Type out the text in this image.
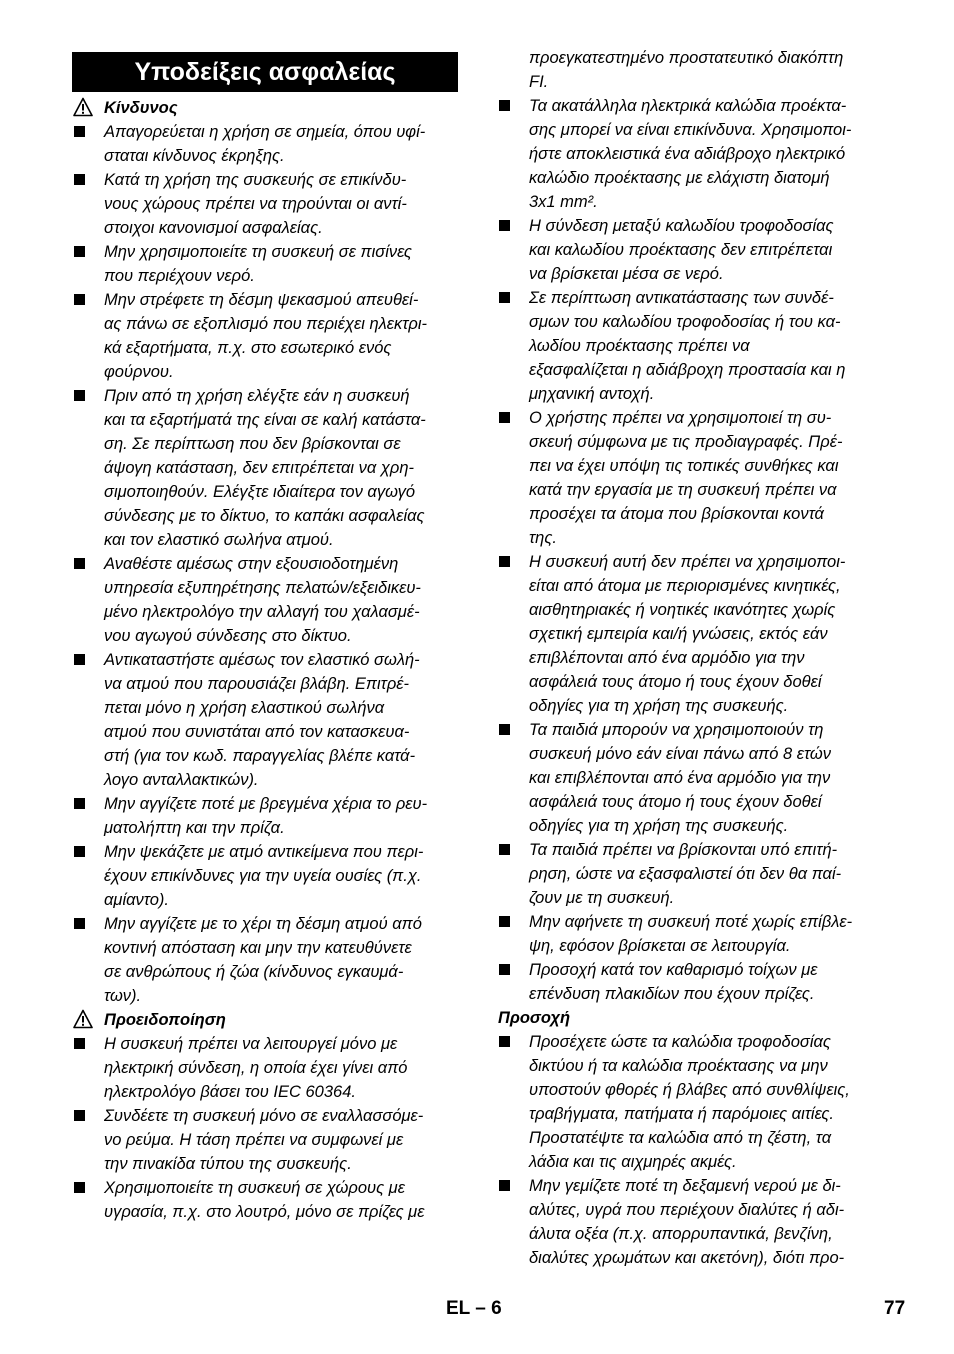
Υποδείξεις ασφαλείας
Κίνδυνος
Απαγορεύεται η χρήση σε σημεία, όπου υφί-
σταται κίνδυνος έκρηξης.
Κατά τη χρήση της συσκευής σε επικίνδυ-
νους χώρους πρέπει να τηρούνται οι αντί-
στοιχοι κανονισμοί ασφαλείας.
Μην χρησιμοποιείτε τη συσκευή σε πισίνες
που περιέχουν νερό.
Μην στρέφετε τη δέσμη ψεκασμού απευθεί-
ας πάνω σε εξοπλισμό που περιέχει ηλεκτρι-
κά εξαρτήματα, π.χ. στο εσωτερικό ενός
φούρνου.
Πριν από τη χρήση ελέγξτε εάν η συσκευή
και τα εξαρτήματά της είναι σε καλή κατάστα-
ση. Σε περίπτωση που δεν βρίσκονται σε
άψογη κατάσταση, δεν επιτρέπεται να χρη-
σιμοποιηθούν. Ελέγξτε ιδιαίτερα τον αγωγό
σύνδεσης με το δίκτυο, το καπάκι ασφαλείας
και τον ελαστικό σωλήνα ατμού.
Αναθέστε αμέσως στην εξουσιοδοτημένη
υπηρεσία εξυπηρέτησης πελατών/εξειδικευ-
μένο ηλεκτρολόγο την αλλαγή του χαλασμέ-
νου αγωγού σύνδεσης στο δίκτυο.
Αντικαταστήστε αμέσως τον ελαστικό σωλή-
να ατμού που παρουσιάζει βλάβη. Επιτρέ-
πεται μόνο η χρήση ελαστικού σωλήνα
ατμού που συνιστάται από τον κατασκευα-
στή (για τον κωδ. παραγγελίας βλέπε κατά-
λογο ανταλλακτικών).
Μην αγγίζετε ποτέ με βρεγμένα χέρια το ρευ-
ματολήπτη και την πρίζα.
Μην ψεκάζετε με ατμό αντικείμενα που περι-
έχουν επικίνδυνες για την υγεία ουσίες (π.χ.
αμίαντο).
Μην αγγίζετε με το χέρι τη δέσμη ατμού από
κοντινή απόσταση και μην την κατευθύνετε
σε ανθρώπους ή ζώα (κίνδυνος εγκαυμά-
των).
Προειδοποίηση
Η συσκευή πρέπει να λειτουργεί μόνο με
ηλεκτρική σύνδεση, η οποία έχει γίνει από
ηλεκτρολόγο βάσει του IEC 60364.
Συνδέετε τη συσκευή μόνο σε εναλλασσόμε-
νο ρεύμα. Η τάση πρέπει να συμφωνεί με
την πινακίδα τύπου της συσκευής.
Χρησιμοποιείτε τη συσκευή σε χώρους με
υγρασία, π.χ. στο λουτρό, μόνο σε πρίζες με
προεγκατεστημένο προστατευτικό διακόπτη
FI.
Τα ακατάλληλα ηλεκτρικά καλώδια προέκτα-
σης μπορεί να είναι επικίνδυνα. Χρησιμοποι-
ήστε αποκλειστικά ένα αδιάβροχο ηλεκτρικό
καλώδιο προέκτασης με ελάχιστη διατομή
3x1 mm².
Η σύνδεση μεταξύ καλωδίου τροφοδοσίας
και καλωδίου προέκτασης δεν επιτρέπεται
να βρίσκεται μέσα σε νερό.
Σε περίπτωση αντικατάστασης των συνδέ-
σμων του καλωδίου τροφοδοσίας ή του κα-
λωδίου προέκτασης πρέπει να
εξασφαλίζεται η αδιάβροχη προστασία και η
μηχανική αντοχή.
Ο χρήστης πρέπει να χρησιμοποιεί τη συ-
σκευή σύμφωνα με τις προδιαγραφές. Πρέ-
πει να έχει υπόψη τις τοπικές συνθήκες και
κατά την εργασία με τη συσκευή πρέπει να
προσέχει τα άτομα που βρίσκονται κοντά
της.
Η συσκευή αυτή δεν πρέπει να χρησιμοποι-
είται από άτομα με περιορισμένες κινητικές,
αισθητηριακές ή νοητικές ικανότητες χωρίς
σχετική εμπειρία και/ή γνώσεις, εκτός εάν
επιβλέπονται από ένα αρμόδιο για την
ασφάλειά τους άτομο ή τους έχουν δοθεί
οδηγίες για τη χρήση της συσκευής.
Τα παιδιά μπορούν να χρησιμοποιούν τη
συσκευή μόνο εάν είναι πάνω από 8 ετών
και επιβλέπονται από ένα αρμόδιο για την
ασφάλειά τους άτομο ή τους έχουν δοθεί
οδηγίες για τη χρήση της συσκευής.
Τα παιδιά πρέπει να βρίσκονται υπό επιτή-
ρηση, ώστε να εξασφαλιστεί ότι δεν θα παί-
ζουν με τη συσκευή.
Μην αφήνετε τη συσκευή ποτέ χωρίς επίβλε-
ψη, εφόσον βρίσκεται σε λειτουργία.
Προσοχή κατά τον καθαρισμό τοίχων με
επένδυση πλακιδίων που έχουν πρίζες.
Προσοχή
Προσέχετε ώστε τα καλώδια τροφοδοσίας
δικτύου ή τα καλώδια προέκτασης να μην
υποστούν φθορές ή βλάβες από συνθλίψεις,
τραβήγματα, πατήματα ή παρόμοιες αιτίες.
Προστατέψτε τα καλώδια από τη ζέστη, τα
λάδια και τις αιχμηρές ακμές.
Μην γεμίζετε ποτέ τη δεξαμενή νερού με δι-
αλύτες, υγρά που περιέχουν διαλύτες ή αδι-
άλυτα οξέα (π.χ. απορρυπαντικά, βενζίνη,
διαλύτες χρωμάτων και ακετόνη), διότι προ-
EL – 6	77
